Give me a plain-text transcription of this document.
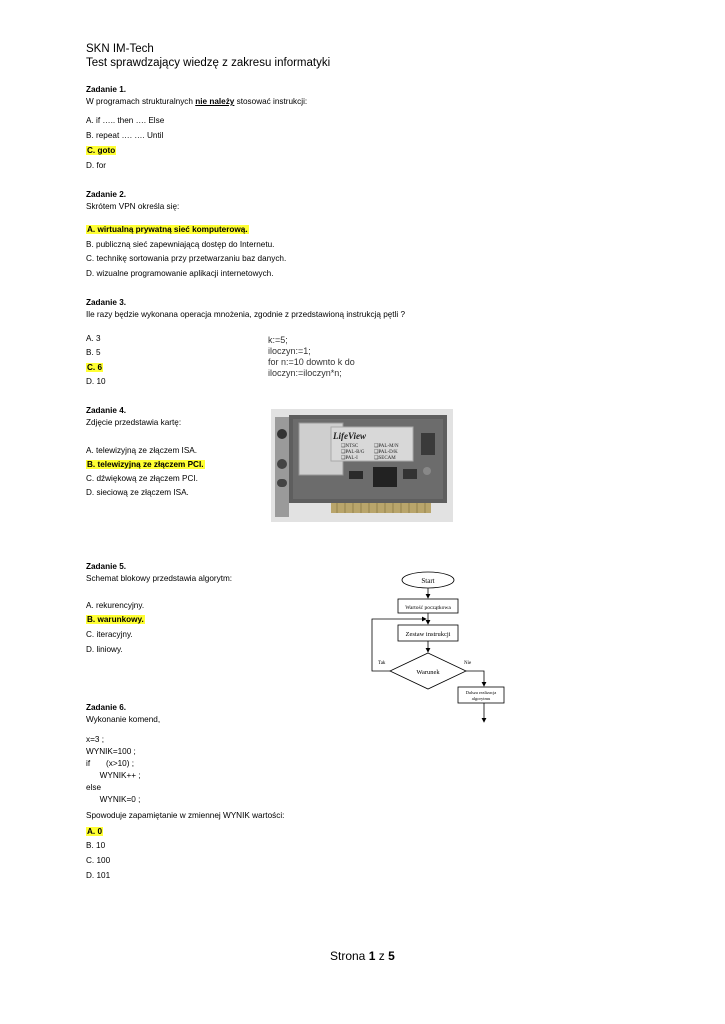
SKN IM-Tech
Test sprawdzający wiedzę z zakresu informatyki
Zadanie 1.
W programach strukturalnych nie należy stosować instrukcji:
A. if ….. then …. Else
B. repeat …. …. Until
C. goto
D. for
Zadanie 2.
Skrótem VPN określa się:
A. wirtualną prywatną sieć komputerową.
B. publiczną sieć zapewniającą dostęp do Internetu.
C. technikę sortowania przy przetwarzaniu baz danych.
D. wizualne programowanie aplikacji internetowych.
Zadanie 3.
Ile razy będzie wykonana operacja mnożenia, zgodnie z przedstawioną instrukcją pętli ?
A. 3
B. 5
C. 6
D. 10
k:=5;
iloczyn:=1;
for n:=10 downto k do
iloczyn:=iloczyn*n;
Zadanie 4.
Zdjęcie przedstawia kartę:
A. telewizyjną ze złączem ISA.
B. telewizyjną ze złączem PCI.
C. dźwiękową ze złączem PCI.
D. sieciową ze złączem ISA.
LifeView
❑NTSC
❑PAL-B/G
❑PAL-I
❑PAL-M/N
❑PAL-D/K
❑SECAM
Zadanie 5.
Schemat blokowy przedstawia algorytm:
A. rekurencyjny.
B. warunkowy.
C. iteracyjny.
D. liniowy.
Start
Wartość początkowa
Zestaw instrukcji
Warunek
Tak	Nie
Dalsza realizacja
algorytmu
Zadanie 6.
Wykonanie komend,
x=3 ;
WYNIK=100 ;
if       (x>10) ;
WYNIK++ ;
else
WYNIK=0 ;
Spowoduje zapamiętanie w zmiennej WYNIK wartości:
A. 0
B. 10
C. 100
D. 101
Strona 1 z 5
